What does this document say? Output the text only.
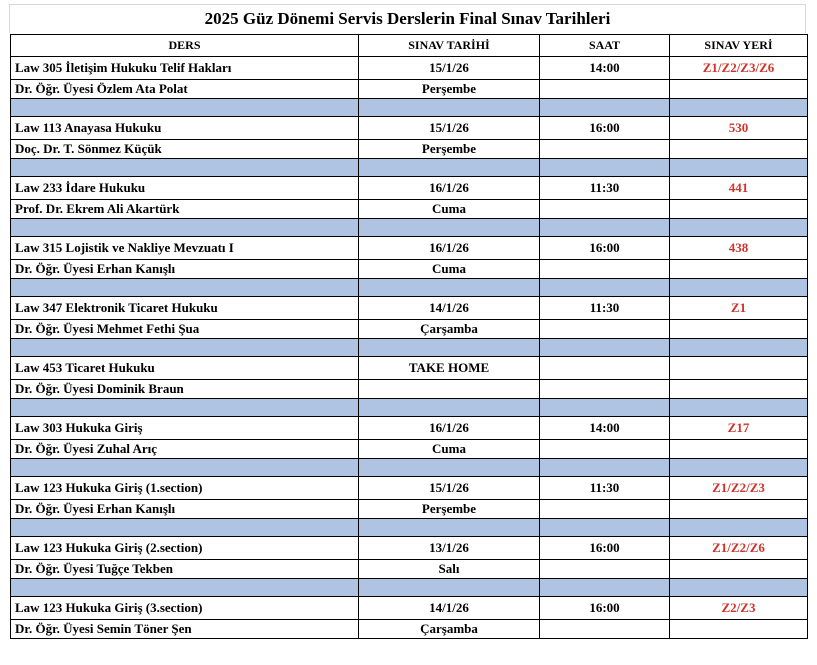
2025 Güz Dönemi Servis Derslerin Final Sınav Tarihleri
DERS	SINAV TARİHİ	SAAT	SINAV YERİ
Law 305 İletişim Hukuku Telif Hakları	15/1/26	14:00	Z1/Z2/Z3/Z6
Dr. Öğr. Üyesi Özlem Ata Polat	Perşembe		

Law 113 Anayasa Hukuku	15/1/26	16:00	530
Doç. Dr. T. Sönmez Küçük	Perşembe		

Law 233 İdare Hukuku	16/1/26	11:30	441
Prof. Dr. Ekrem Ali Akartürk	Cuma		

Law 315 Lojistik ve Nakliye Mevzuatı I	16/1/26	16:00	438
Dr. Öğr. Üyesi Erhan Kanışlı	Cuma		

Law 347 Elektronik Ticaret Hukuku	14/1/26	11:30	Z1
Dr. Öğr. Üyesi Mehmet Fethi Şua	Çarşamba		

Law 453 Ticaret Hukuku	TAKE HOME		
Dr. Öğr. Üyesi Dominik Braun			

Law 303 Hukuka Giriş	16/1/26	14:00	Z17
Dr. Öğr. Üyesi Zuhal Arıç	Cuma		

Law 123 Hukuka Giriş (1.section)	15/1/26	11:30	Z1/Z2/Z3
Dr. Öğr. Üyesi Erhan Kanışlı	Perşembe		

Law 123 Hukuka Giriş (2.section)	13/1/26	16:00	Z1/Z2/Z6
Dr. Öğr. Üyesi Tuğçe Tekben	Salı		

Law 123 Hukuka Giriş (3.section)	14/1/26	16:00	Z2/Z3
Dr. Öğr. Üyesi Semin Töner Şen	Çarşamba		
